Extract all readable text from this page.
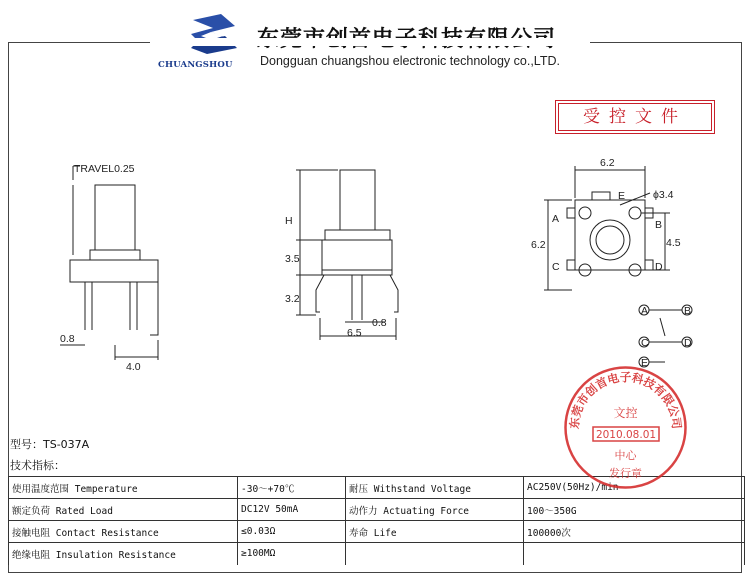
CHUANGSHOU	Dongguan chuangshou electronic technology co.,LTD.
受控文件
TRAVEL0.25
0.8
4.0
H
3.5
3.2
0.8
6.5
6.2
6.2	4.5
ϕ3.4
A	B
C	D
E
A	B
C	D
E
型号：TS-037A
技术指标：
使用温度范围 Temperature	-30～+70℃	耐压 Withstand Voltage	AC250V(50Hz)/min
额定负荷 Rated Load	DC12V 50mA	动作力 Actuating Force	100～350G
接触电阻 Contact Resistance	≤0.03Ω	寿命 Life	100000次
绝缘电阻 Insulation Resistance	≥100MΩ		
东莞市创首电子科技有限公司
文控
2010.08.01
中心
发行章
